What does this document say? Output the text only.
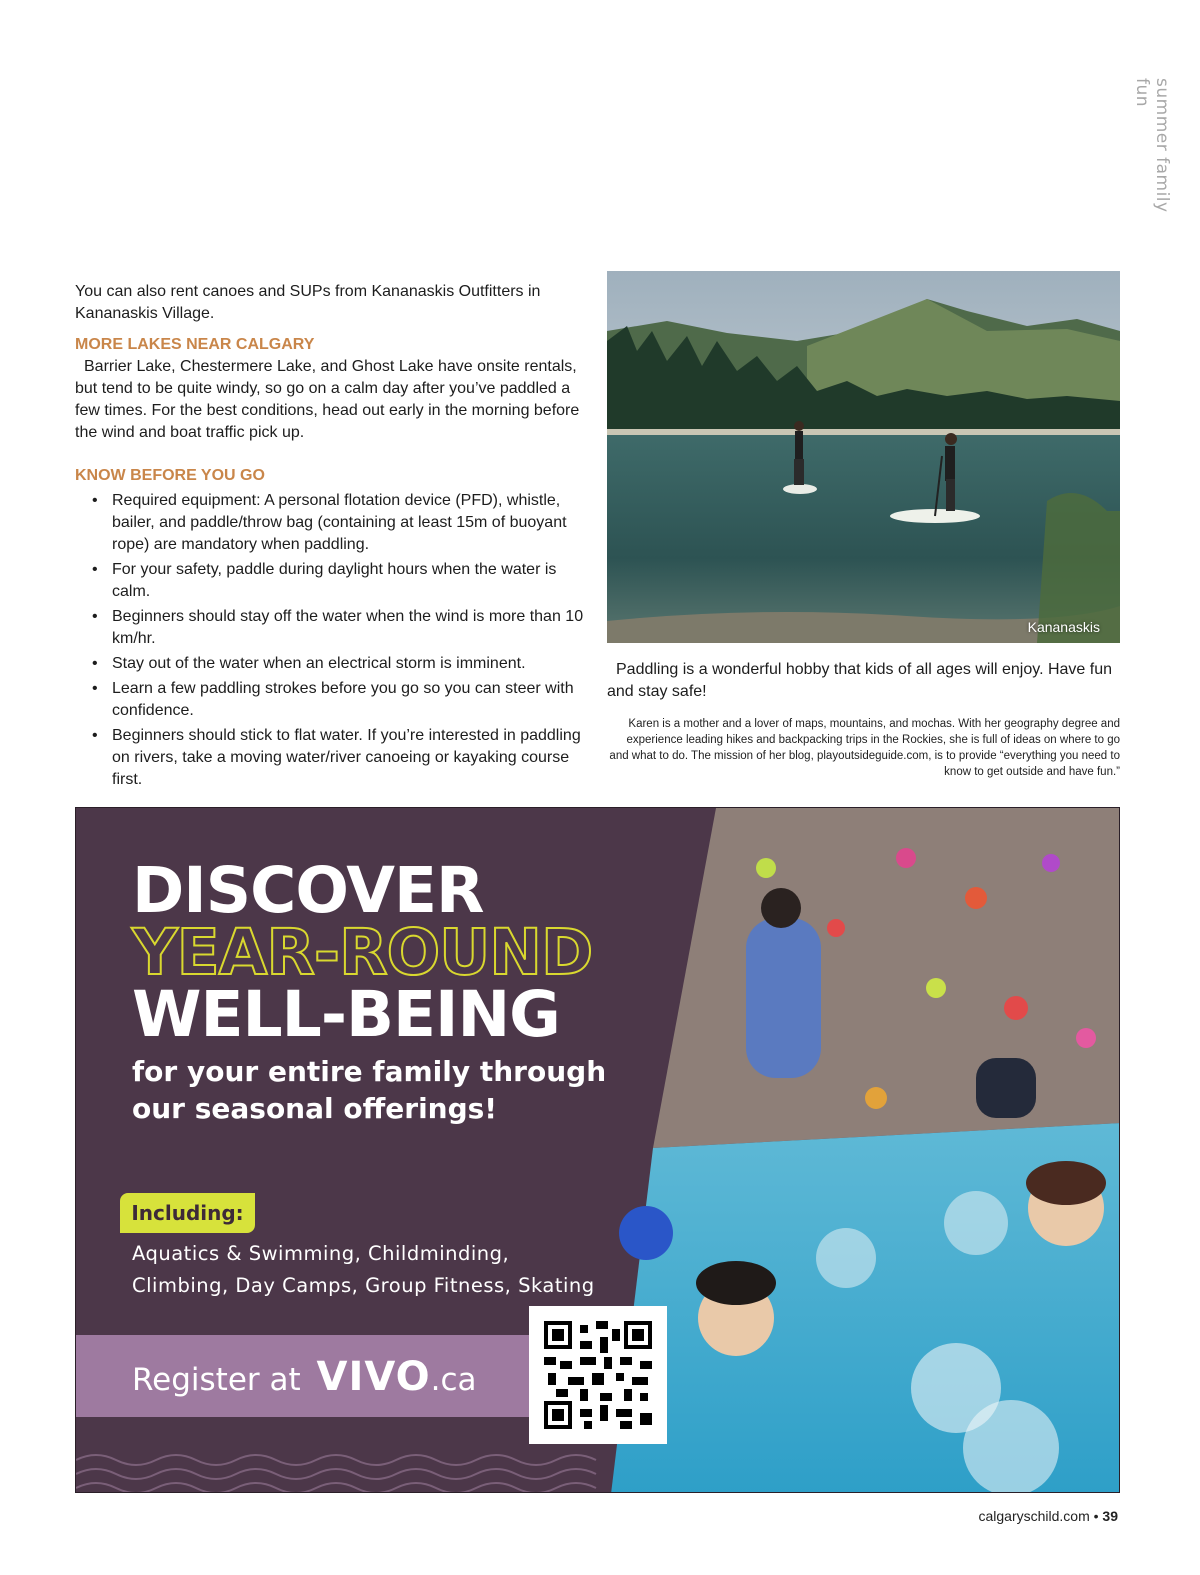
summer family fun

You can also rent canoes and SUPs from Kananaskis Outfitters in Kananaskis Village.

MORE LAKES NEAR CALGARY

Barrier Lake, Chestermere Lake, and Ghost Lake have onsite rentals, but tend to be quite windy, so go on a calm day after you’ve paddled a few times. For the best conditions, head out early in the morning before the wind and boat traffic pick up.

KNOW BEFORE YOU GO
• Required equipment: A personal flotation device (PFD), whistle, bailer, and paddle/throw bag (containing at least 15m of buoyant rope) are mandatory when paddling.
• For your safety, paddle during daylight hours when the water is calm.
• Beginners should stay off the water when the wind is more than 10 km/hr.
• Stay out of the water when an electrical storm is imminent.
• Learn a few paddling strokes before you go so you can steer with confidence.
• Beginners should stick to flat water. If you’re interested in paddling on rivers, take a moving water/river canoeing or kayaking course first.
Kananaskis

Paddling is a wonderful hobby that kids of all ages will enjoy. Have fun and stay safe!

Karen is a mother and a lover of maps, mountains, and mochas. With her geography degree and experience leading hikes and backpacking trips in the Rockies, she is full of ideas on where to go and what to do. The mission of her blog, playoutsideguide.com, is to provide “everything you need to know to get outside and have fun.”
DISCOVER
YEAR-ROUND
WELL-BEING
for your entire family through our seasonal offerings!
Including:
Aquatics & Swimming, Childminding, Climbing, Day Camps, Group Fitness, Skating
Register at VIVO.ca
calgaryschild.com • 39
